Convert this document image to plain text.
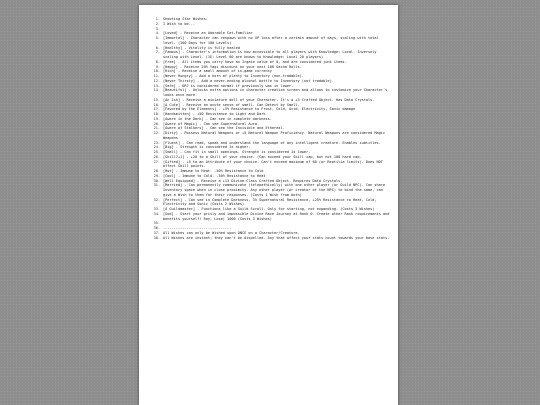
1. Shooting Star Wishes:
2. I Wish to be...
3.
4. [Loved] - Receive an Adorable Cat-Familiar
5. [Immortal] - Character can respawn with no XP loss after a certain amount of days, scaling with total level. (100 Days for 100 Levels)
6. [Healthy] - Vitality is fully healed
7. [Famous] - Character's information is now accessible to all players with Knowledge: Local. Inversely scaling with Level. (1E: Level 60 are known to Knowledge: Local 20 players)
8. [Free] - All items you carry have an Irgate value of 0, and are considered junk items.
9. [Happy] - Receive 20% Yagi discount on your next 100 Gacha Rolls.
10. [Rich] - Receive a small amount of in-game currency
11. [Never Hungry] - Add a horn of plenty to Inventory (non-tradable).
12. [Never Thirsty] - Add a never-ending alcohol bottle to Inventory (not tradable).
13. [Safe] - DR? is considered normal if previously was in lower.
14. [Beautiful] - Unlocks extra options in character creation screen and allows to customize your Character's looks once more.
15. [An Ish] - Receive a miniature doll of your Character. It's a +3 Crafted Object. Has Data Crystals.
16. [A Cute] - Receive an acute sense of smell. Can Detect by Smell.
17. [Favored by the Elements] - +5% Resistance to Frost, Cold, Acid, Electricity, Sonic damage
18. [Handsmitten] - +50 Resistance to Light and Dark
19. [Aware in the Dark] - Can see in complete darkness.
20. [Aware of Magic] - Can see Supernatural Aura.
21. [Aware of Stalkers] - Can see the Invisible and Ethereal.
22. [Dirty] - Possess Natural Weapons or +5 Natural Weapon Proficiency. Natural Weapons are considered Magic Weapons
23. [Fluent] - Can read, speak and understand the language of any intelligent creature. Enables subtitles.
24. [Big] - Strength is considered 1x higher.
25. [Small] - Can fit in small openings. Strength is considered 1x lower.
26. [Skill?+1] - +20 to a Skill of your choice. (Can exceed your Skill cap, but not 100 hard cap.
27. [Gifted] - +5 to an Attribute of your choice. Can't exceed maximum of 60 (or Reptilia limits). Does NOT affect Skill points.
28. [Hot] - Immune to Heat. -50% Resistance to Cold
29. [Cool] - Immune to Cold. -50% Resistance to Heat
30. [Well Equipped] - Receive a +13 Divine-Class Crafted Object. Requires Data Crystals.
31. [Married] - Can permanently communicate (telepathically) with one other player (or Guild NPC). Can share Inventory space when in close proximity. Any other player (or creator of the NPC) to bind the same, can give a Wish to them for their responses. (Costs 1 Wish from both)
32. [Perfect] - Can see in Complete Darkness, 35 Supernatural Resistance, +25% Resistance to Heat, Cold, Electricity and Sonic (Costs 2 Wishes)
33. [A Guildmaster] - Functions like a Guild Scroll. Only for starting, not expanding. (Costs 3 Wishes)
34. [God] - Start your grisly and impossible Divine Race Journey at Rank 0. Create other Rank requirements and benefits yourself! Roy, Lose) 1000 (Costs 3 Wishes)
35.
36. --------------------------------
37. All Wishes can only be Wished upon ONCE on a Character/Creature.
38. All Wishes are instant; they can't be dispelled. Any that affect your stats count towards your base stats.
